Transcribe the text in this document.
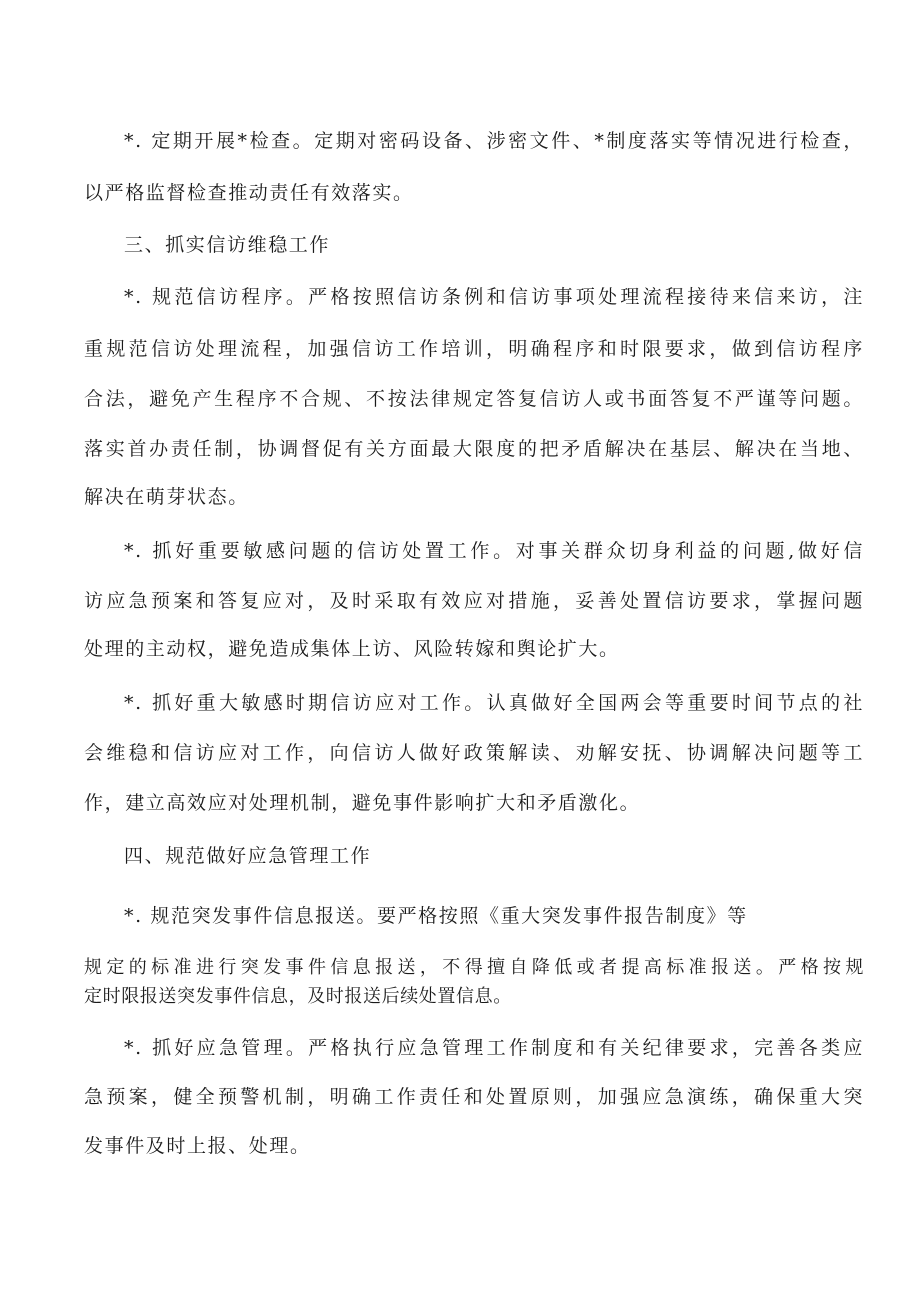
*. 定期开展*检查。定期对密码设备、涉密文件、*制度落实等情况进行检查，
以严格监督检查推动责任有效落实。
三、抓实信访维稳工作
*. 规范信访程序。严格按照信访条例和信访事项处理流程接待来信来访，注
重规范信访处理流程，加强信访工作培训，明确程序和时限要求，做到信访程序
合法，避免产生程序不合规、不按法律规定答复信访人或书面答复不严谨等问题。
落实首办责任制，协调督促有关方面最大限度的把矛盾解决在基层、解决在当地、
解决在萌芽状态。
*. 抓好重要敏感问题的信访处置工作。对事关群众切身利益的问题,做好信
访应急预案和答复应对，及时采取有效应对措施，妥善处置信访要求，掌握问题
处理的主动权，避免造成集体上访、风险转嫁和舆论扩大。
*. 抓好重大敏感时期信访应对工作。认真做好全国两会等重要时间节点的社
会维稳和信访应对工作，向信访人做好政策解读、劝解安抚、协调解决问题等工
作，建立高效应对处理机制，避免事件影响扩大和矛盾激化。
四、规范做好应急管理工作
*. 规范突发事件信息报送。要严格按照《重大突发事件报告制度》等
规定的标准进行突发事件信息报送，不得擅自降低或者提高标准报送。严格按规
定时限报送突发事件信息，及时报送后续处置信息。
*. 抓好应急管理。严格执行应急管理工作制度和有关纪律要求，完善各类应
急预案，健全预警机制，明确工作责任和处置原则，加强应急演练，确保重大突
发事件及时上报、处理。
